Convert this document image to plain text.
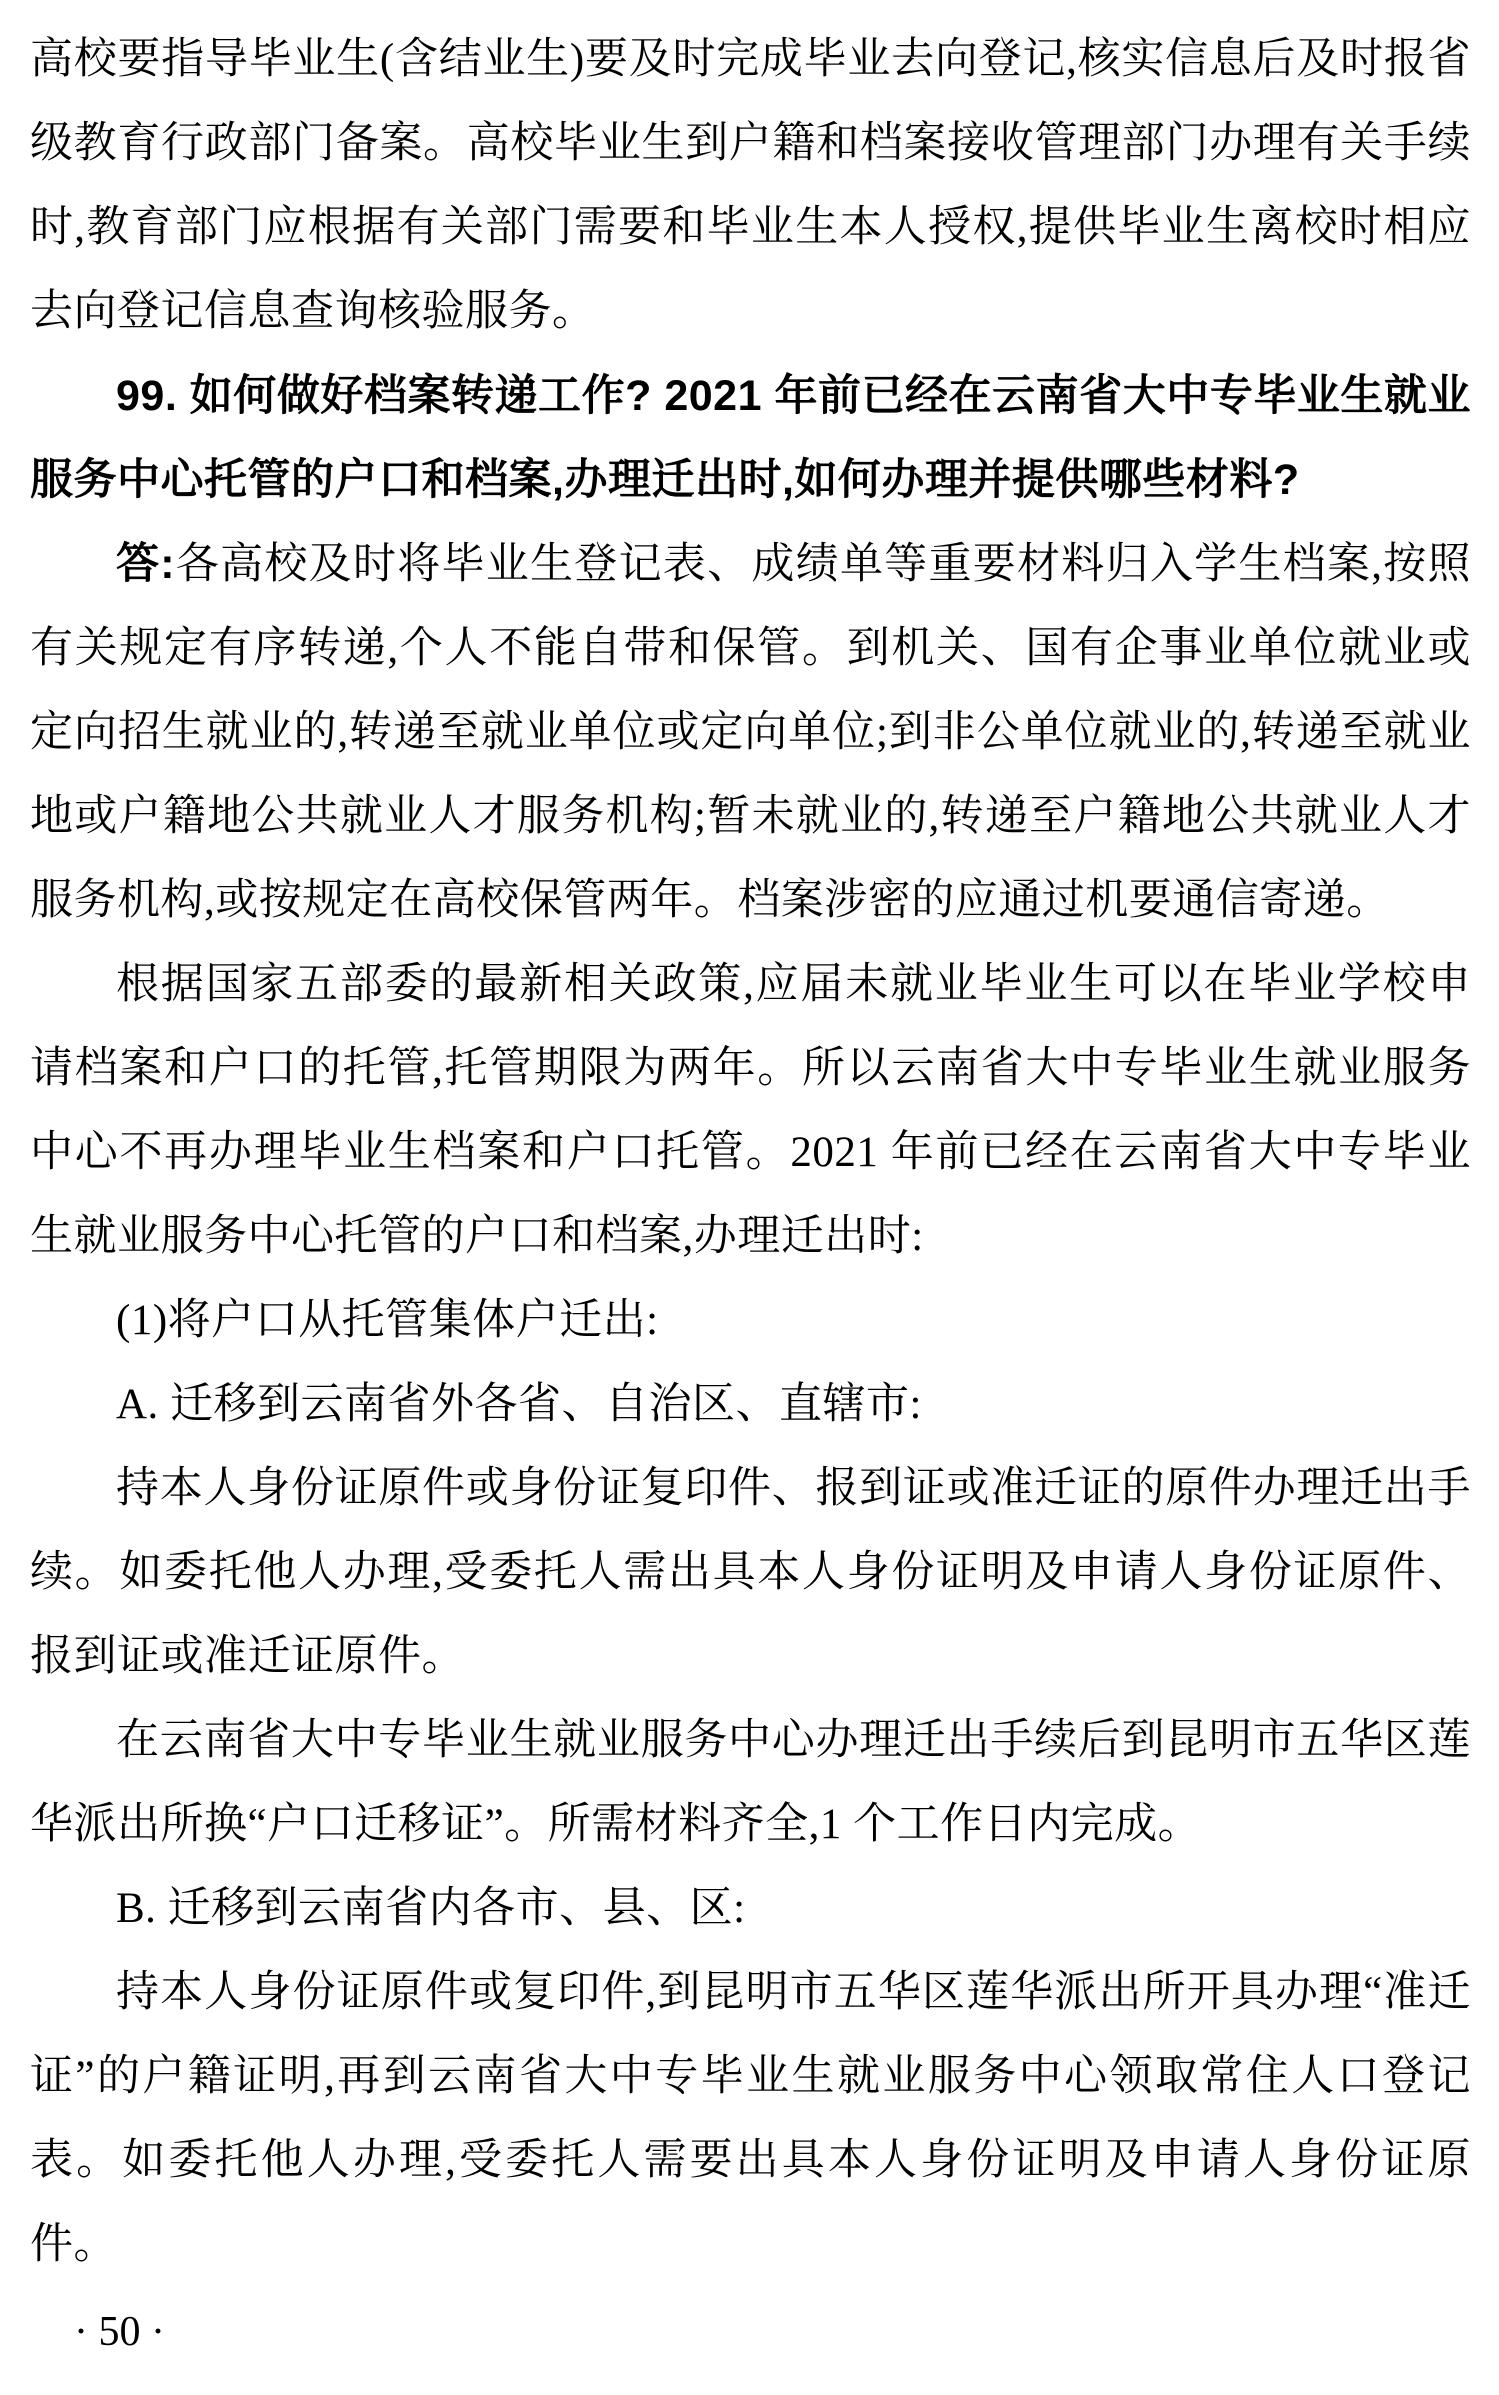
高校要指导毕业生(含结业生)要及时完成毕业去向登记,核实信息后及时报省级教育行政部门备案。高校毕业生到户籍和档案接收管理部门办理有关手续时,教育部门应根据有关部门需要和毕业生本人授权,提供毕业生离校时相应去向登记信息查询核验服务。

99. 如何做好档案转递工作? 2021 年前已经在云南省大中专毕业生就业服务中心托管的户口和档案,办理迁出时,如何办理并提供哪些材料?

答:各高校及时将毕业生登记表、成绩单等重要材料归入学生档案,按照有关规定有序转递,个人不能自带和保管。到机关、国有企事业单位就业或定向招生就业的,转递至就业单位或定向单位;到非公单位就业的,转递至就业地或户籍地公共就业人才服务机构;暂未就业的,转递至户籍地公共就业人才服务机构,或按规定在高校保管两年。档案涉密的应通过机要通信寄递。

根据国家五部委的最新相关政策,应届未就业毕业生可以在毕业学校申请档案和户口的托管,托管期限为两年。所以云南省大中专毕业生就业服务中心不再办理毕业生档案和户口托管。2021 年前已经在云南省大中专毕业生就业服务中心托管的户口和档案,办理迁出时:

(1)将户口从托管集体户迁出:

A. 迁移到云南省外各省、自治区、直辖市:

持本人身份证原件或身份证复印件、报到证或准迁证的原件办理迁出手续。如委托他人办理,受委托人需出具本人身份证明及申请人身份证原件、报到证或准迁证原件。

在云南省大中专毕业生就业服务中心办理迁出手续后到昆明市五华区莲华派出所换“户口迁移证”。所需材料齐全,1 个工作日内完成。

B. 迁移到云南省内各市、县、区:

持本人身份证原件或复印件,到昆明市五华区莲华派出所开具办理“准迁证”的户籍证明,再到云南省大中专毕业生就业服务中心领取常住人口登记表。如委托他人办理,受委托人需要出具本人身份证明及申请人身份证原件。

· 50 ·
